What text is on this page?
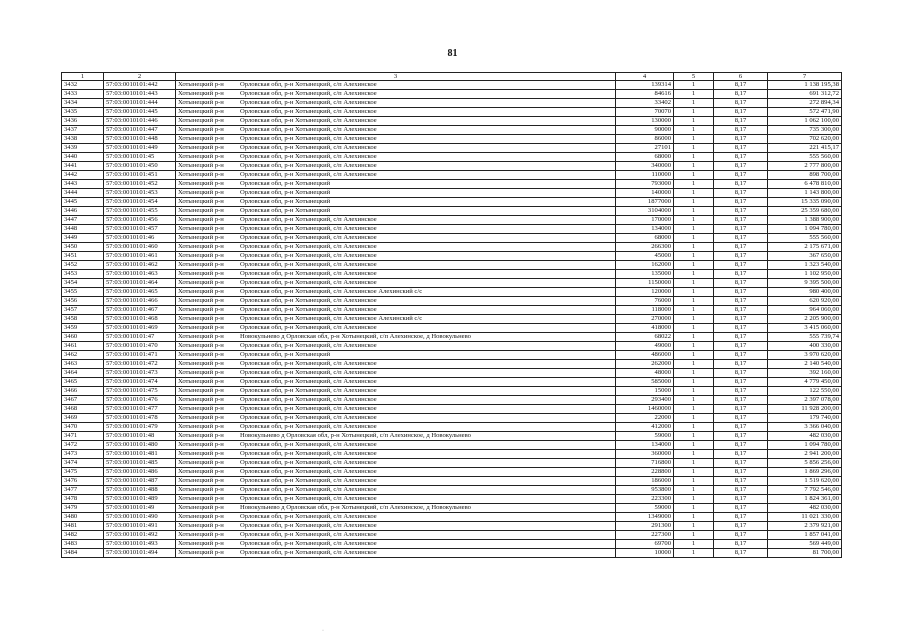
81
1	2	3	4	5	6	7
3432	57:03:0010101:442	Хотынецкий р-н Орловская обл, р-н Хотынецкий, с/п Алехинское	139314	1	8,17	1 138 195,38
3433	57:03:0010101:443	Хотынецкий р-н Орловская обл, р-н Хотынецкий, с/п Алехинское	84616	1	8,17	691 312,72
3434	57:03:0010101:444	Хотынецкий р-н Орловская обл, р-н Хотынецкий, с/п Алехинское	33402	1	8,17	272 894,34
3435	57:03:0010101:445	Хотынецкий р-н Орловская обл, р-н Хотынецкий, с/п Алехинское	70070	1	8,17	572 471,90
3436	57:03:0010101:446	Хотынецкий р-н Орловская обл, р-н Хотынецкий, с/п Алехинское	130000	1	8,17	1 062 100,00
3437	57:03:0010101:447	Хотынецкий р-н Орловская обл, р-н Хотынецкий, с/п Алехинское	90000	1	8,17	735 300,00
3438	57:03:0010101:448	Хотынецкий р-н Орловская обл, р-н Хотынецкий, с/п Алехинское	86000	1	8,17	702 620,00
3439	57:03:0010101:449	Хотынецкий р-н Орловская обл, р-н Хотынецкий, с/п Алехинское	27101	1	8,17	221 415,17
3440	57:03:0010101:45	Хотынецкий р-н Орловская обл, р-н Хотынецкий, с/п Алехинское	68000	1	8,17	555 560,00
3441	57:03:0010101:450	Хотынецкий р-н Орловская обл, р-н Хотынецкий, с/п Алехинское	340000	1	8,17	2 777 800,00
3442	57:03:0010101:451	Хотынецкий р-н Орловская обл, р-н Хотынецкий, с/п Алехинское	110000	1	8,17	898 700,00
3443	57:03:0010101:452	Хотынецкий р-н Орловская обл, р-н Хотынецкий	793000	1	8,17	6 478 810,00
3444	57:03:0010101:453	Хотынецкий р-н Орловская обл, р-н Хотынецкий	140000	1	8,17	1 143 800,00
3445	57:03:0010101:454	Хотынецкий р-н Орловская обл, р-н Хотынецкий	1877000	1	8,17	15 335 090,00
3446	57:03:0010101:455	Хотынецкий р-н Орловская обл, р-н Хотынецкий	3104000	1	8,17	25 359 680,00
3447	57:03:0010101:456	Хотынецкий р-н Орловская обл, р-н Хотынецкий, с/п Алехинское	170000	1	8,17	1 388 900,00
3448	57:03:0010101:457	Хотынецкий р-н Орловская обл, р-н Хотынецкий, с/п Алехинское	134000	1	8,17	1 094 780,00
3449	57:03:0010101:46	Хотынецкий р-н Орловская обл, р-н Хотынецкий, с/п Алехинское	68000	1	8,17	555 560,00
3450	57:03:0010101:460	Хотынецкий р-н Орловская обл, р-н Хотынецкий, с/п Алехинское	266300	1	8,17	2 175 671,00
3451	57:03:0010101:461	Хотынецкий р-н Орловская обл, р-н Хотынецкий, с/п Алехинское	45000	1	8,17	367 650,00
3452	57:03:0010101:462	Хотынецкий р-н Орловская обл, р-н Хотынецкий, с/п Алехинское	162000	1	8,17	1 323 540,00
3453	57:03:0010101:463	Хотынецкий р-н Орловская обл, р-н Хотынецкий, с/п Алехинское	135000	1	8,17	1 102 950,00
3454	57:03:0010101:464	Хотынецкий р-н Орловская обл, р-н Хотынецкий, с/п Алехинское	1150000	1	8,17	9 395 500,00
3455	57:03:0010101:465	Хотынецкий р-н Орловская обл, р-н Хотынецкий, с/п Алехинское Алехинский с/с	120000	1	8,17	980 400,00
3456	57:03:0010101:466	Хотынецкий р-н Орловская обл, р-н Хотынецкий, с/п Алехинское	76000	1	8,17	620 920,00
3457	57:03:0010101:467	Хотынецкий р-н Орловская обл, р-н Хотынецкий, с/п Алехинское	118000	1	8,17	964 060,00
3458	57:03:0010101:468	Хотынецкий р-н Орловская обл, р-н Хотынецкий, с/п Алехинское Алехинский с/с	270000	1	8,17	2 205 900,00
3459	57:03:0010101:469	Хотынецкий р-н Орловская обл, р-н Хотынецкий, с/п Алехинское	418000	1	8,17	3 415 060,00
3460	57:03:0010101:47	Хотынецкий р-н Новокульнево д Орловская обл, р-н Хотынецкий, с/п Алехинское, д Новокульнево	68022	1	8,17	555 739,74
3461	57:03:0010101:470	Хотынецкий р-н Орловская обл, р-н Хотынецкий, с/п Алехинское	49000	1	8,17	400 330,00
3462	57:03:0010101:471	Хотынецкий р-н Орловская обл, р-н Хотынецкий	486000	1	8,17	3 970 620,00
3463	57:03:0010101:472	Хотынецкий р-н Орловская обл, р-н Хотынецкий, с/п Алехинское	262000	1	8,17	2 140 540,00
3464	57:03:0010101:473	Хотынецкий р-н Орловская обл, р-н Хотынецкий, с/п Алехинское	48000	1	8,17	392 160,00
3465	57:03:0010101:474	Хотынецкий р-н Орловская обл, р-н Хотынецкий, с/п Алехинское	585000	1	8,17	4 779 450,00
3466	57:03:0010101:475	Хотынецкий р-н Орловская обл, р-н Хотынецкий, с/п Алехинское	15000	1	8,17	122 550,00
3467	57:03:0010101:476	Хотынецкий р-н Орловская обл, р-н Хотынецкий, с/п Алехинское	293400	1	8,17	2 397 078,00
3468	57:03:0010101:477	Хотынецкий р-н Орловская обл, р-н Хотынецкий, с/п Алехинское	1460000	1	8,17	11 928 200,00
3469	57:03:0010101:478	Хотынецкий р-н Орловская обл, р-н Хотынецкий, с/п Алехинское	22000	1	8,17	179 740,00
3470	57:03:0010101:479	Хотынецкий р-н Орловская обл, р-н Хотынецкий, с/п Алехинское	412000	1	8,17	3 366 040,00
3471	57:03:0010101:48	Хотынецкий р-н Новокульнево д Орловская обл, р-н Хотынецкий, с/п Алехинское, д Новокульнево	59000	1	8,17	482 030,00
3472	57:03:0010101:480	Хотынецкий р-н Орловская обл, р-н Хотынецкий, с/п Алехинское	134000	1	8,17	1 094 780,00
3473	57:03:0010101:481	Хотынецкий р-н Орловская обл, р-н Хотынецкий, с/п Алехинское	360000	1	8,17	2 941 200,00
3474	57:03:0010101:485	Хотынецкий р-н Орловская обл, р-н Хотынецкий, с/п Алехинское	716800	1	8,17	5 856 256,00
3475	57:03:0010101:486	Хотынецкий р-н Орловская обл, р-н Хотынецкий, с/п Алехинское	228800	1	8,17	1 869 296,00
3476	57:03:0010101:487	Хотынецкий р-н Орловская обл, р-н Хотынецкий, с/п Алехинское	186000	1	8,17	1 519 620,00
3477	57:03:0010101:488	Хотынецкий р-н Орловская обл, р-н Хотынецкий, с/п Алехинское	953800	1	8,17	7 792 546,00
3478	57:03:0010101:489	Хотынецкий р-н Орловская обл, р-н Хотынецкий, с/п Алехинское	223300	1	8,17	1 824 361,00
3479	57:03:0010101:49	Хотынецкий р-н Новокульнево д Орловская обл, р-н Хотынецкий, с/п Алехинское, д Новокульнево	59000	1	8,17	482 030,00
3480	57:03:0010101:490	Хотынецкий р-н Орловская обл, р-н Хотынецкий, с/п Алехинское	1349000	1	8,17	11 021 330,00
3481	57:03:0010101:491	Хотынецкий р-н Орловская обл, р-н Хотынецкий, с/п Алехинское	291300	1	8,17	2 379 921,00
3482	57:03:0010101:492	Хотынецкий р-н Орловская обл, р-н Хотынецкий, с/п Алехинское	227300	1	8,17	1 857 041,00
3483	57:03:0010101:493	Хотынецкий р-н Орловская обл, р-н Хотынецкий, с/п Алехинское	69700	1	8,17	569 449,00
3484	57:03:0010101:494	Хотынецкий р-н Орловская обл, р-н Хотынецкий, с/п Алехинское	10000	1	8,17	81 700,00
·
